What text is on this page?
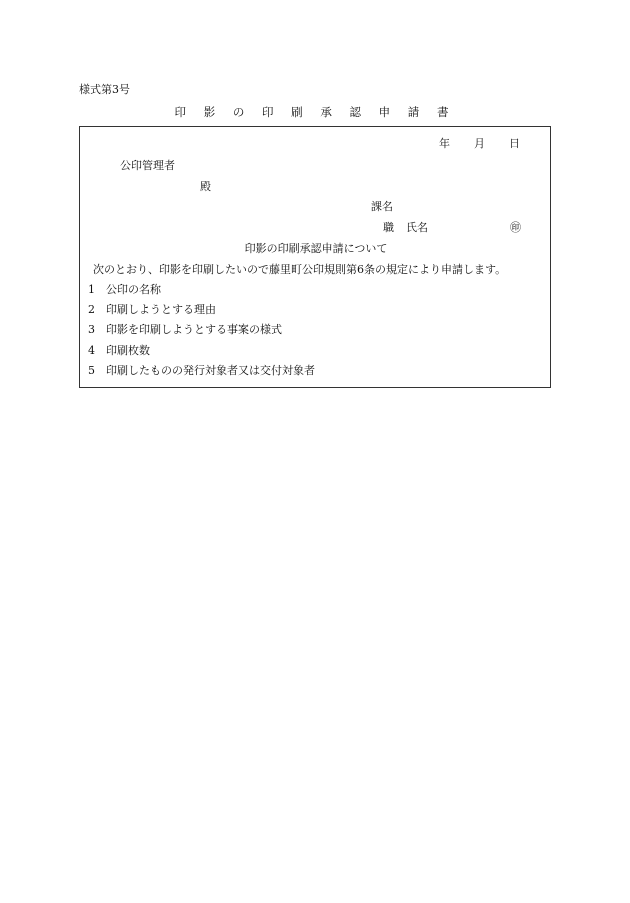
様式第3号
印 影 の 印 刷 承 認 申 請 書
年 月 日
公印管理者
殿
課名
職 氏名	㊞
印影の印刷承認申請について
次のとおり、印影を印刷したいので藤里町公印規則第6条の規定により申請します。
1 公印の名称
2 印刷しようとする理由
3 印影を印刷しようとする事案の様式
4 印刷枚数
5 印刷したものの発行対象者又は交付対象者
